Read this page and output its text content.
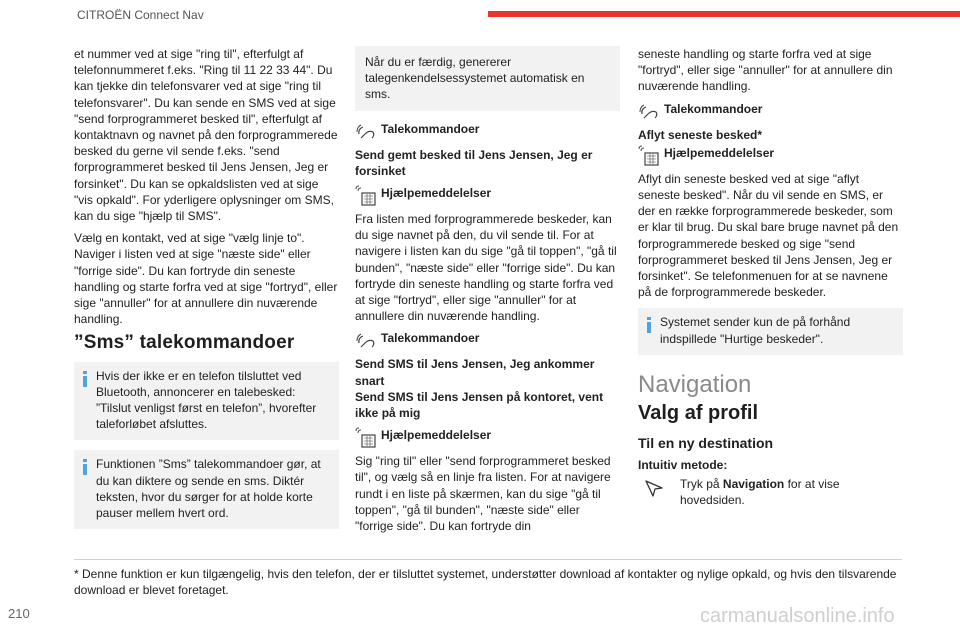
CITROËN Connect Nav

et nummer ved at sige "ring til", efterfulgt af telefonnummeret f.eks. "Ring til 11 22 33 44". Du kan tjekke din telefonsvarer ved at sige "ring til telefonsvarer". Du kan sende en SMS ved at sige "send forprogrammeret besked til", efterfulgt af kontaktnavn og navnet på den forprogrammerede besked du gerne vil sende f.eks. "send forprogrammeret besked til Jens Jensen, Jeg er forsinket". Du kan se opkaldslisten ved at sige "vis opkald". For yderligere oplysninger om SMS, kan du sige "hjælp til SMS".

Vælg en kontakt, ved at sige "vælg linje to". Naviger i listen ved at sige "næste side" eller "forrige side". Du kan fortryde din seneste handling og starte forfra ved at sige "fortryd", eller sige "annuller" for at annullere din nuværende handling.

”Sms” talekommandoer
Hvis der ikke er en telefon tilsluttet ved Bluetooth, annoncerer en talebesked: ”Tilslut venligst først en telefon”, hvorefter taleforløbet afsluttes.
Funktionen ”Sms” talekommandoer gør, at du kan diktere og sende en sms. Diktér teksten, hvor du sørger for at holde korte pauser mellem hvert ord.
Når du er færdig, genererer talegenkendelsessystemet automatisk en sms.
Talekommandoer

Send gemt besked til Jens Jensen, Jeg er forsinket

Hjælpemeddelelser

Fra listen med forprogrammerede beskeder, kan du sige navnet på den, du vil sende til. For at navigere i listen kan du sige "gå til toppen", "gå til bunden", "næste side" eller "forrige side". Du kan fortryde din seneste handling og starte forfra ved at sige "fortryd", eller sige "annuller" for at annullere din nuværende handling.

Talekommandoer

Send SMS til Jens Jensen, Jeg ankommer snart

Send SMS til Jens Jensen på kontoret, vent ikke på mig

Hjælpemeddelelser

Sig "ring til" eller "send forprogrammeret besked til", og vælg så en linje fra listen. For at navigere rundt i en liste på skærmen, kan du sige "gå til toppen", "gå til bunden", "næste side" eller "forrige side". Du kan fortryde din

seneste handling og starte forfra ved at sige "fortryd", eller sige "annuller" for at annullere din nuværende handling.

Talekommandoer

Aflyt seneste besked*

Hjælpemeddelelser

Aflyt din seneste besked ved at sige "aflyt seneste besked". Når du vil sende en SMS, er der en række forprogrammerede beskeder, som er klar til brug. Du skal bare bruge navnet på den forprogrammerede besked og sige "send forprogrammeret besked til Jens Jensen, Jeg er forsinket". Se telefonmenuen for at se navnene på de forprogrammerede beskeder.

Systemet sender kun de på forhånd indspillede "Hurtige beskeder".
Navigation
Valg af profil
Til en ny destination

Intuitiv metode:

Tryk på Navigation for at vise hovedsiden.
* Denne funktion er kun tilgængelig, hvis den telefon, der er tilsluttet systemet, understøtter download af kontakter og nylige opkald, og hvis den tilsvarende download er blevet foretaget.
210	carmanualsonline.info
